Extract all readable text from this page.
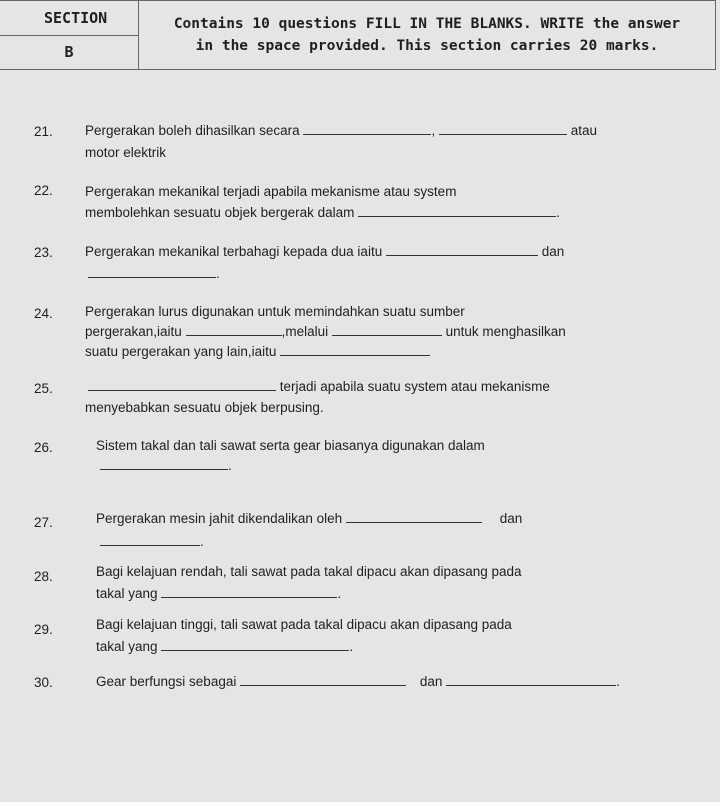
SECTION
B
Contains 10 questions FILL IN THE BLANKS. WRITE the answer
in the space provided. This section carries 20 marks.
21. Pergerakan boleh dihasilkan secara	,	atau
motor elektrik
22. Pergerakan mekanikal terjadi apabila mekanisme atau system
membolehkan sesuatu objek bergerak dalam	.
23. Pergerakan mekanikal terbahagi kepada dua iaitu	dan
.
24. Pergerakan lurus digunakan untuk memindahkan suatu sumber
pergerakan,iaitu	,melalui	untuk menghasilkan
suatu pergerakan yang lain,iaitu
25.	terjadi apabila suatu system atau mekanisme
menyebabkan sesuatu objek berpusing.
26.	Sistem takal dan tali sawat serta gear biasanya digunakan dalam
.
27.	Pergerakan mesin jahit dikendalikan oleh	dan
.
28.	Bagi kelajuan rendah, tali sawat pada takal dipacu akan dipasang pada
takal yang	.
29.	Bagi kelajuan tinggi, tali sawat pada takal dipacu akan dipasang pada
takal yang	.
30.	Gear berfungsi sebagai	dan	.
